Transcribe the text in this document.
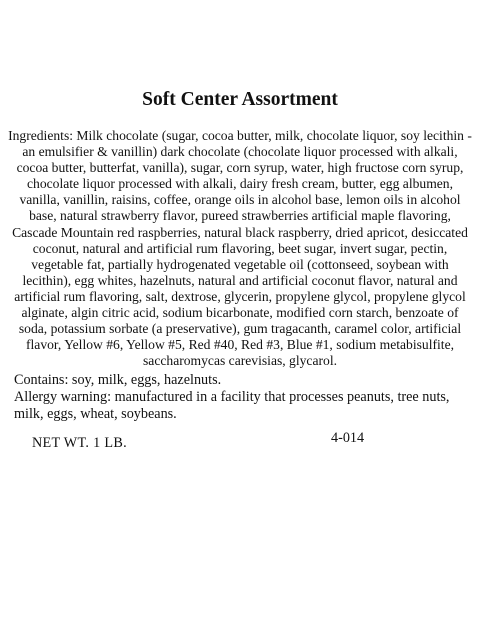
Soft Center Assortment
Ingredients: Milk chocolate (sugar, cocoa butter, milk, chocolate liquor, soy lecithin - an emulsifier & vanillin) dark chocolate (chocolate liquor processed with alkali, cocoa butter, butterfat, vanilla), sugar, corn syrup, water, high fructose corn syrup, chocolate liquor processed with alkali, dairy fresh cream, butter, egg albumen, vanilla, vanillin, raisins, coffee, orange oils in alcohol base, lemon oils in alcohol base, natural strawberry flavor, pureed strawberries artificial maple flavoring, Cascade Mountain red raspberries, natural black raspberry, dried apricot, desiccated coconut, natural and artificial rum flavoring, beet sugar, invert sugar, pectin, vegetable fat, partially hydrogenated vegetable oil (cottonseed, soybean with lecithin), egg whites, hazelnuts, natural and artificial coconut flavor, natural and artificial rum flavoring, salt, dextrose, glycerin, propylene glycol, propylene glycol alginate, algin citric acid, sodium bicarbonate, modified corn starch, benzoate of soda, potassium sorbate (a preservative), gum tragacanth, caramel color, artificial flavor, Yellow #6, Yellow #5, Red #40, Red #3, Blue #1, sodium metabisulfite, saccharomycas carevisias, glycarol.
Contains: soy, milk, eggs, hazelnuts.
Allergy warning: manufactured in a facility that processes peanuts, tree nuts, milk, eggs, wheat, soybeans.
NET WT. 1 LB.	4-014
